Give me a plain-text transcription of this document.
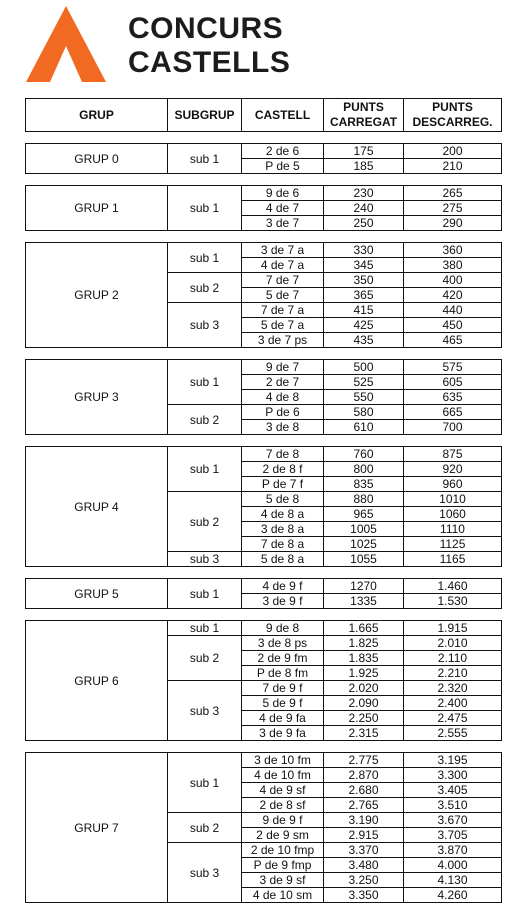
CONCURS
CASTELLS
GRUP	SUBGRUP	CASTELL	PUNTS CARREGAT	PUNTS DESCARREG.

GRUP 0	sub 1	2 de 6	175	200
		P de 5	185	210

GRUP 1	sub 1	9 de 6	230	265
		4 de 7	240	275
		3 de 7	250	290

GRUP 2	sub 1	3 de 7 a	330	360
		4 de 7 a	345	380
	sub 2	7 de 7	350	400
		5 de 7	365	420
	sub 3	7 de 7 a	415	440
		5 de 7 a	425	450
		3 de 7 ps	435	465

GRUP 3	sub 1	9 de 7	500	575
		2 de 7	525	605
		4 de 8	550	635
	sub 2	P de 6	580	665
		3 de 8	610	700

GRUP 4	sub 1	7 de 8	760	875
		2 de 8 f	800	920
		P de 7 f	835	960
	sub 2	5 de 8	880	1010
		4 de 8 a	965	1060
		3 de 8 a	1005	1110
		7 de 8 a	1025	1125
	sub 3	5 de 8 a	1055	1165

GRUP 5	sub 1	4 de 9 f	1270	1.460
		3 de 9 f	1335	1.530

GRUP 6	sub 1	9 de 8	1.665	1.915
	sub 2	3 de 8 ps	1.825	2.010
		2 de 9 fm	1.835	2.110
		P de 8 fm	1.925	2.210
	sub 3	7 de 9 f	2.020	2.320
		5 de 9 f	2.090	2.400
		4 de 9 fa	2.250	2.475
		3 de 9 fa	2.315	2.555

GRUP 7	sub 1	3 de 10 fm	2.775	3.195
		4 de 10 fm	2.870	3.300
		4 de 9 sf	2.680	3.405
		2 de 8 sf	2.765	3.510
	sub 2	9 de 9 f	3.190	3.670
		2 de 9 sm	2.915	3.705
	sub 3	2 de 10 fmp	3.370	3.870
		P de 9 fmp	3.480	4.000
		3 de 9 sf	3.250	4.130
		4 de 10 sm	3.350	4.260
